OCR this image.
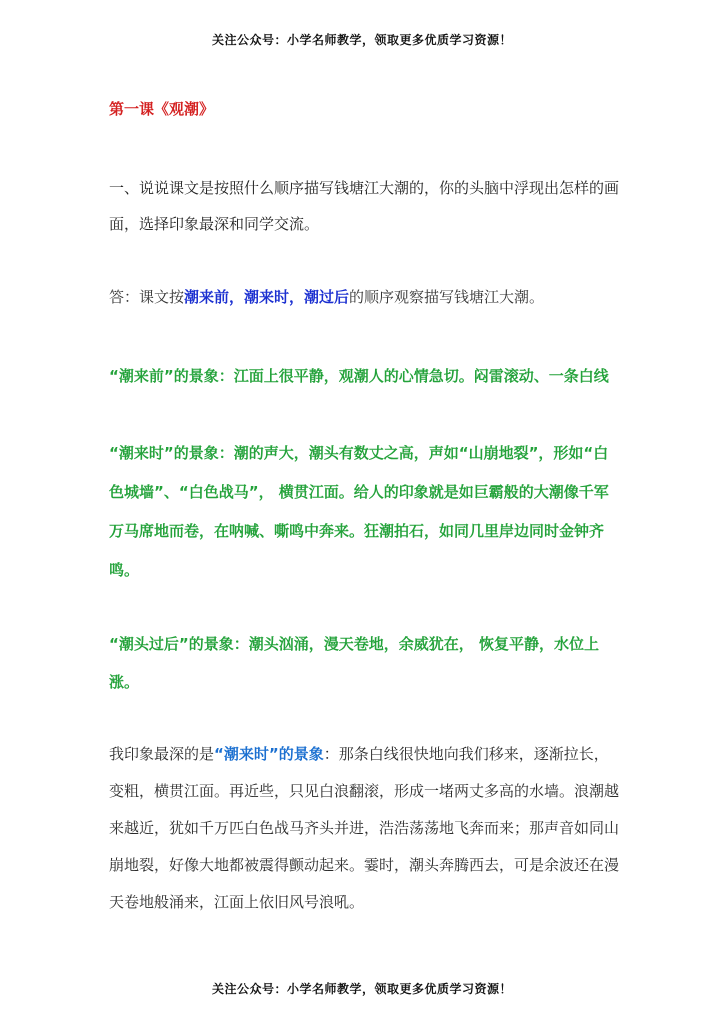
关注公众号：小学名师教学，领取更多优质学习资源！
第一课《观潮》
一、说说课文是按照什么顺序描写钱塘江大潮的，你的头脑中浮现出怎样的画面，选择印象最深和同学交流。
答：课文按潮来前，潮来时，潮过后的顺序观察描写钱塘江大潮。
“潮来前”的景象：江面上很平静，观潮人的心情急切。闷雷滚动、一条白线
“潮来时”的景象：潮的声大，潮头有数丈之高，声如“山崩地裂”，形如“白色城墙”、“白色战马”， 横贯江面。给人的印象就是如巨霸般的大潮像千军万马席地而卷，在呐喊、嘶鸣中奔来。狂潮拍石，如同几里岸边同时金钟齐鸣。
“潮头过后”的景象：潮头汹涌，漫天卷地，余威犹在， 恢复平静，水位上涨。
我印象最深的是“潮来时”的景象：那条白线很快地向我们移来，逐渐拉长，变粗，横贯江面。再近些，只见白浪翻滚，形成一堵两丈多高的水墙。浪潮越来越近，犹如千万匹白色战马齐头并进，浩浩荡荡地飞奔而来；那声音如同山崩地裂，好像大地都被震得颤动起来。霎时，潮头奔腾西去，可是余波还在漫天卷地般涌来，江面上依旧风号浪吼。
关注公众号：小学名师教学，领取更多优质学习资源！
